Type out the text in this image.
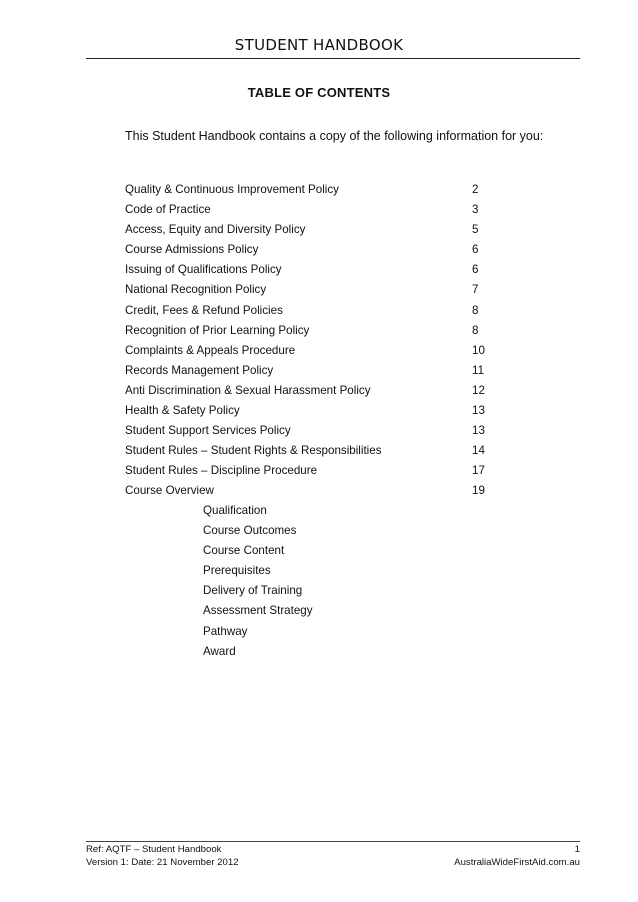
STUDENT HANDBOOK
TABLE OF CONTENTS
This Student Handbook contains a copy of the following information for you:
Quality & Continuous Improvement Policy	2
Code of Practice	3
Access, Equity and Diversity Policy	5
Course Admissions Policy	6
Issuing of Qualifications Policy	6
National Recognition Policy	7
Credit, Fees & Refund Policies	8
Recognition of Prior Learning Policy	8
Complaints & Appeals Procedure	10
Records Management Policy	11
Anti Discrimination & Sexual Harassment Policy	12
Health & Safety Policy	13
Student Support Services Policy	13
Student Rules – Student Rights & Responsibilities	14
Student Rules – Discipline Procedure	17
Course Overview	19
Qualification
Course Outcomes
Course Content
Prerequisites
Delivery of Training
Assessment Strategy
Pathway
Award
Ref: AQTF – Student Handbook
Version 1: Date: 21 November 2012
1
AustraliaWideFirstAid.com.au
